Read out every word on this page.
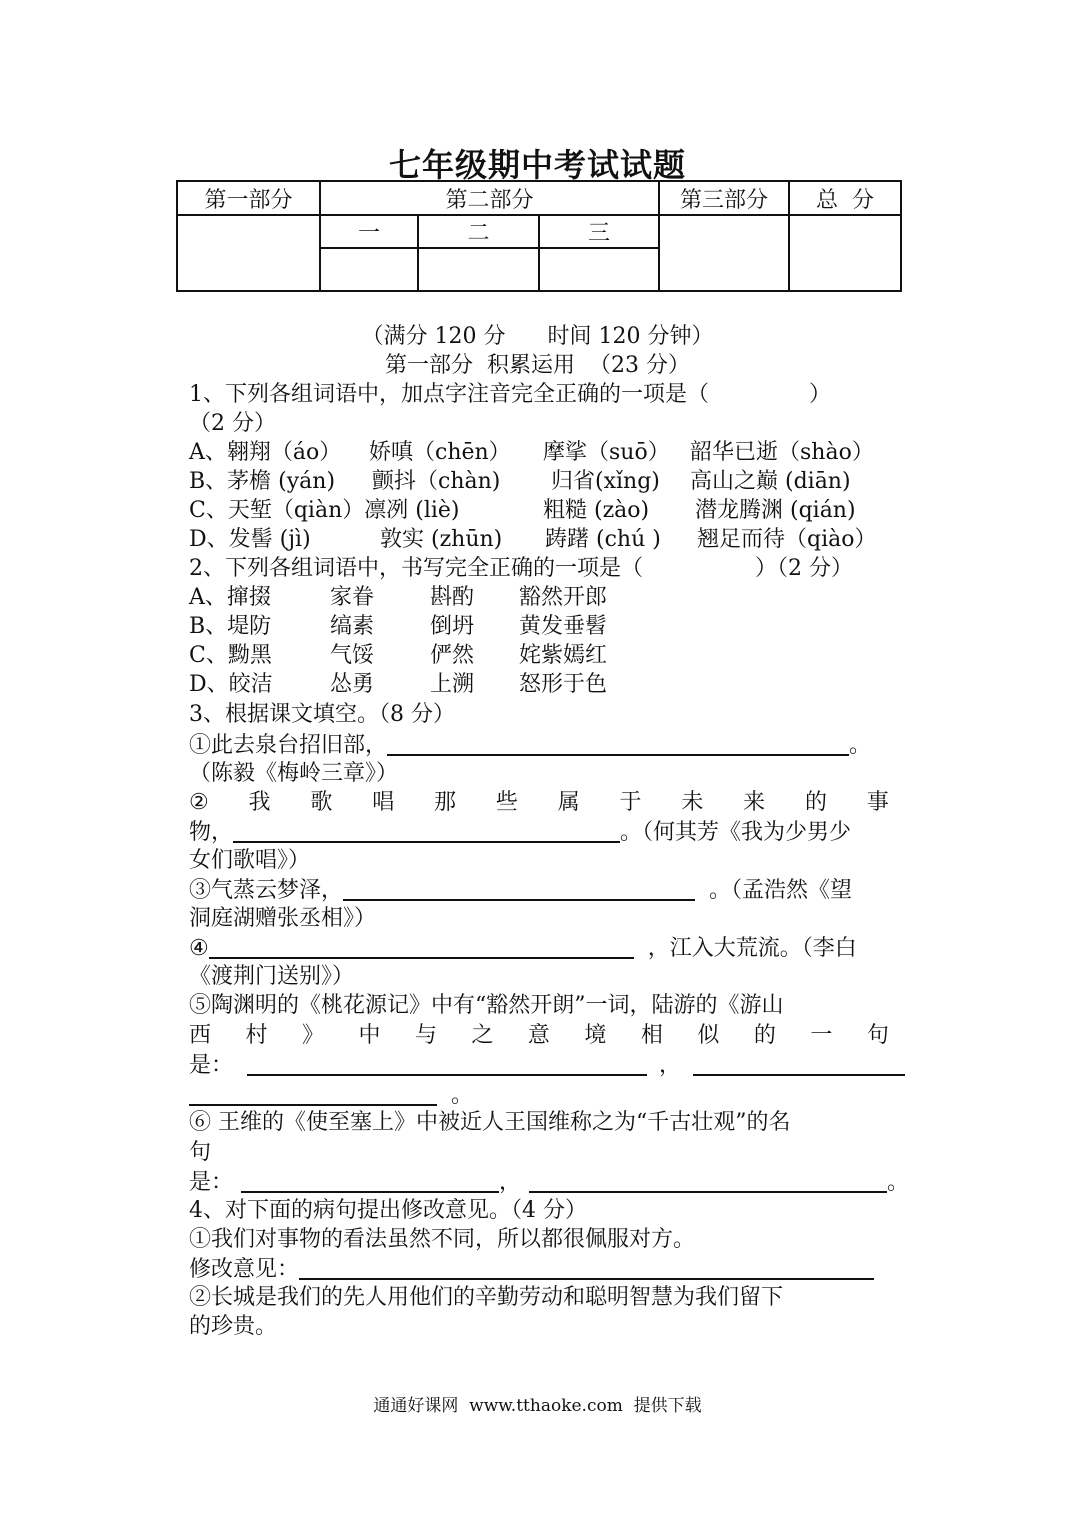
七年级期中考试试题
第一部分	第二部分			第三部分	总  分
	一	二	三		

（满分 120 分      时间 120 分钟）
第一部分  积累运用  （23 分）
1、下列各组词语中，加点字注音完全正确的一项是（	）
（2 分）
A、翱翔（áo） 娇嗔（chēn） 摩挲（suō） 韶华已逝（shào）
B、茅檐 (yán) 颤抖（chàn) 归省(xǐng) 高山之巅 (diān)
C、天堑（qiàn）凛冽 (liè)	粗糙 (zào) 潜龙腾渊 (qián)
D、发髻 (jì)	敦实 (zhūn) 踌躇 (chú ) 翘足而待（qiào）
2、下列各组词语中，书写完全正确的一项是（	）（2 分）
A、撺掇	家眷	斟酌 豁然开郎
B、堤防	缟素	倒坍 黄发垂髫
C、黝黑	气馁	俨然 姹紫嫣红
D、皎洁	怂勇	上溯 怒形于色
3、根据课文填空。（8 分）
①此去泉台招旧部，	。
（陈毅《梅岭三章》）
② 我 歌 唱 那 些 属 于 未 来 的 事
物，	。（何其芳《我为少男少
女们歌唱》）
③气蒸云梦泽，	。（孟浩然《望
洞庭湖赠张丞相》）
④	，江入大荒流。（李白
《渡荆门送别》）
⑤陶渊明的《桃花源记》中有“豁然开朗”一词，陆游的《游山
西 村 》 中 与 之 意 境 相 似 的 一 句
是：	，
。
⑥ 王维的《使至塞上》中被近人王国维称之为“千古壮观”的名
句
是：	，	。
4、对下面的病句提出修改意见。（4 分）
①我们对事物的看法虽然不同，所以都很佩服对方。
修改意见：
②长城是我们的先人用他们的辛勤劳动和聪明智慧为我们留下
的珍贵。
通通好课网  www.tthaoke.com  提供下载
